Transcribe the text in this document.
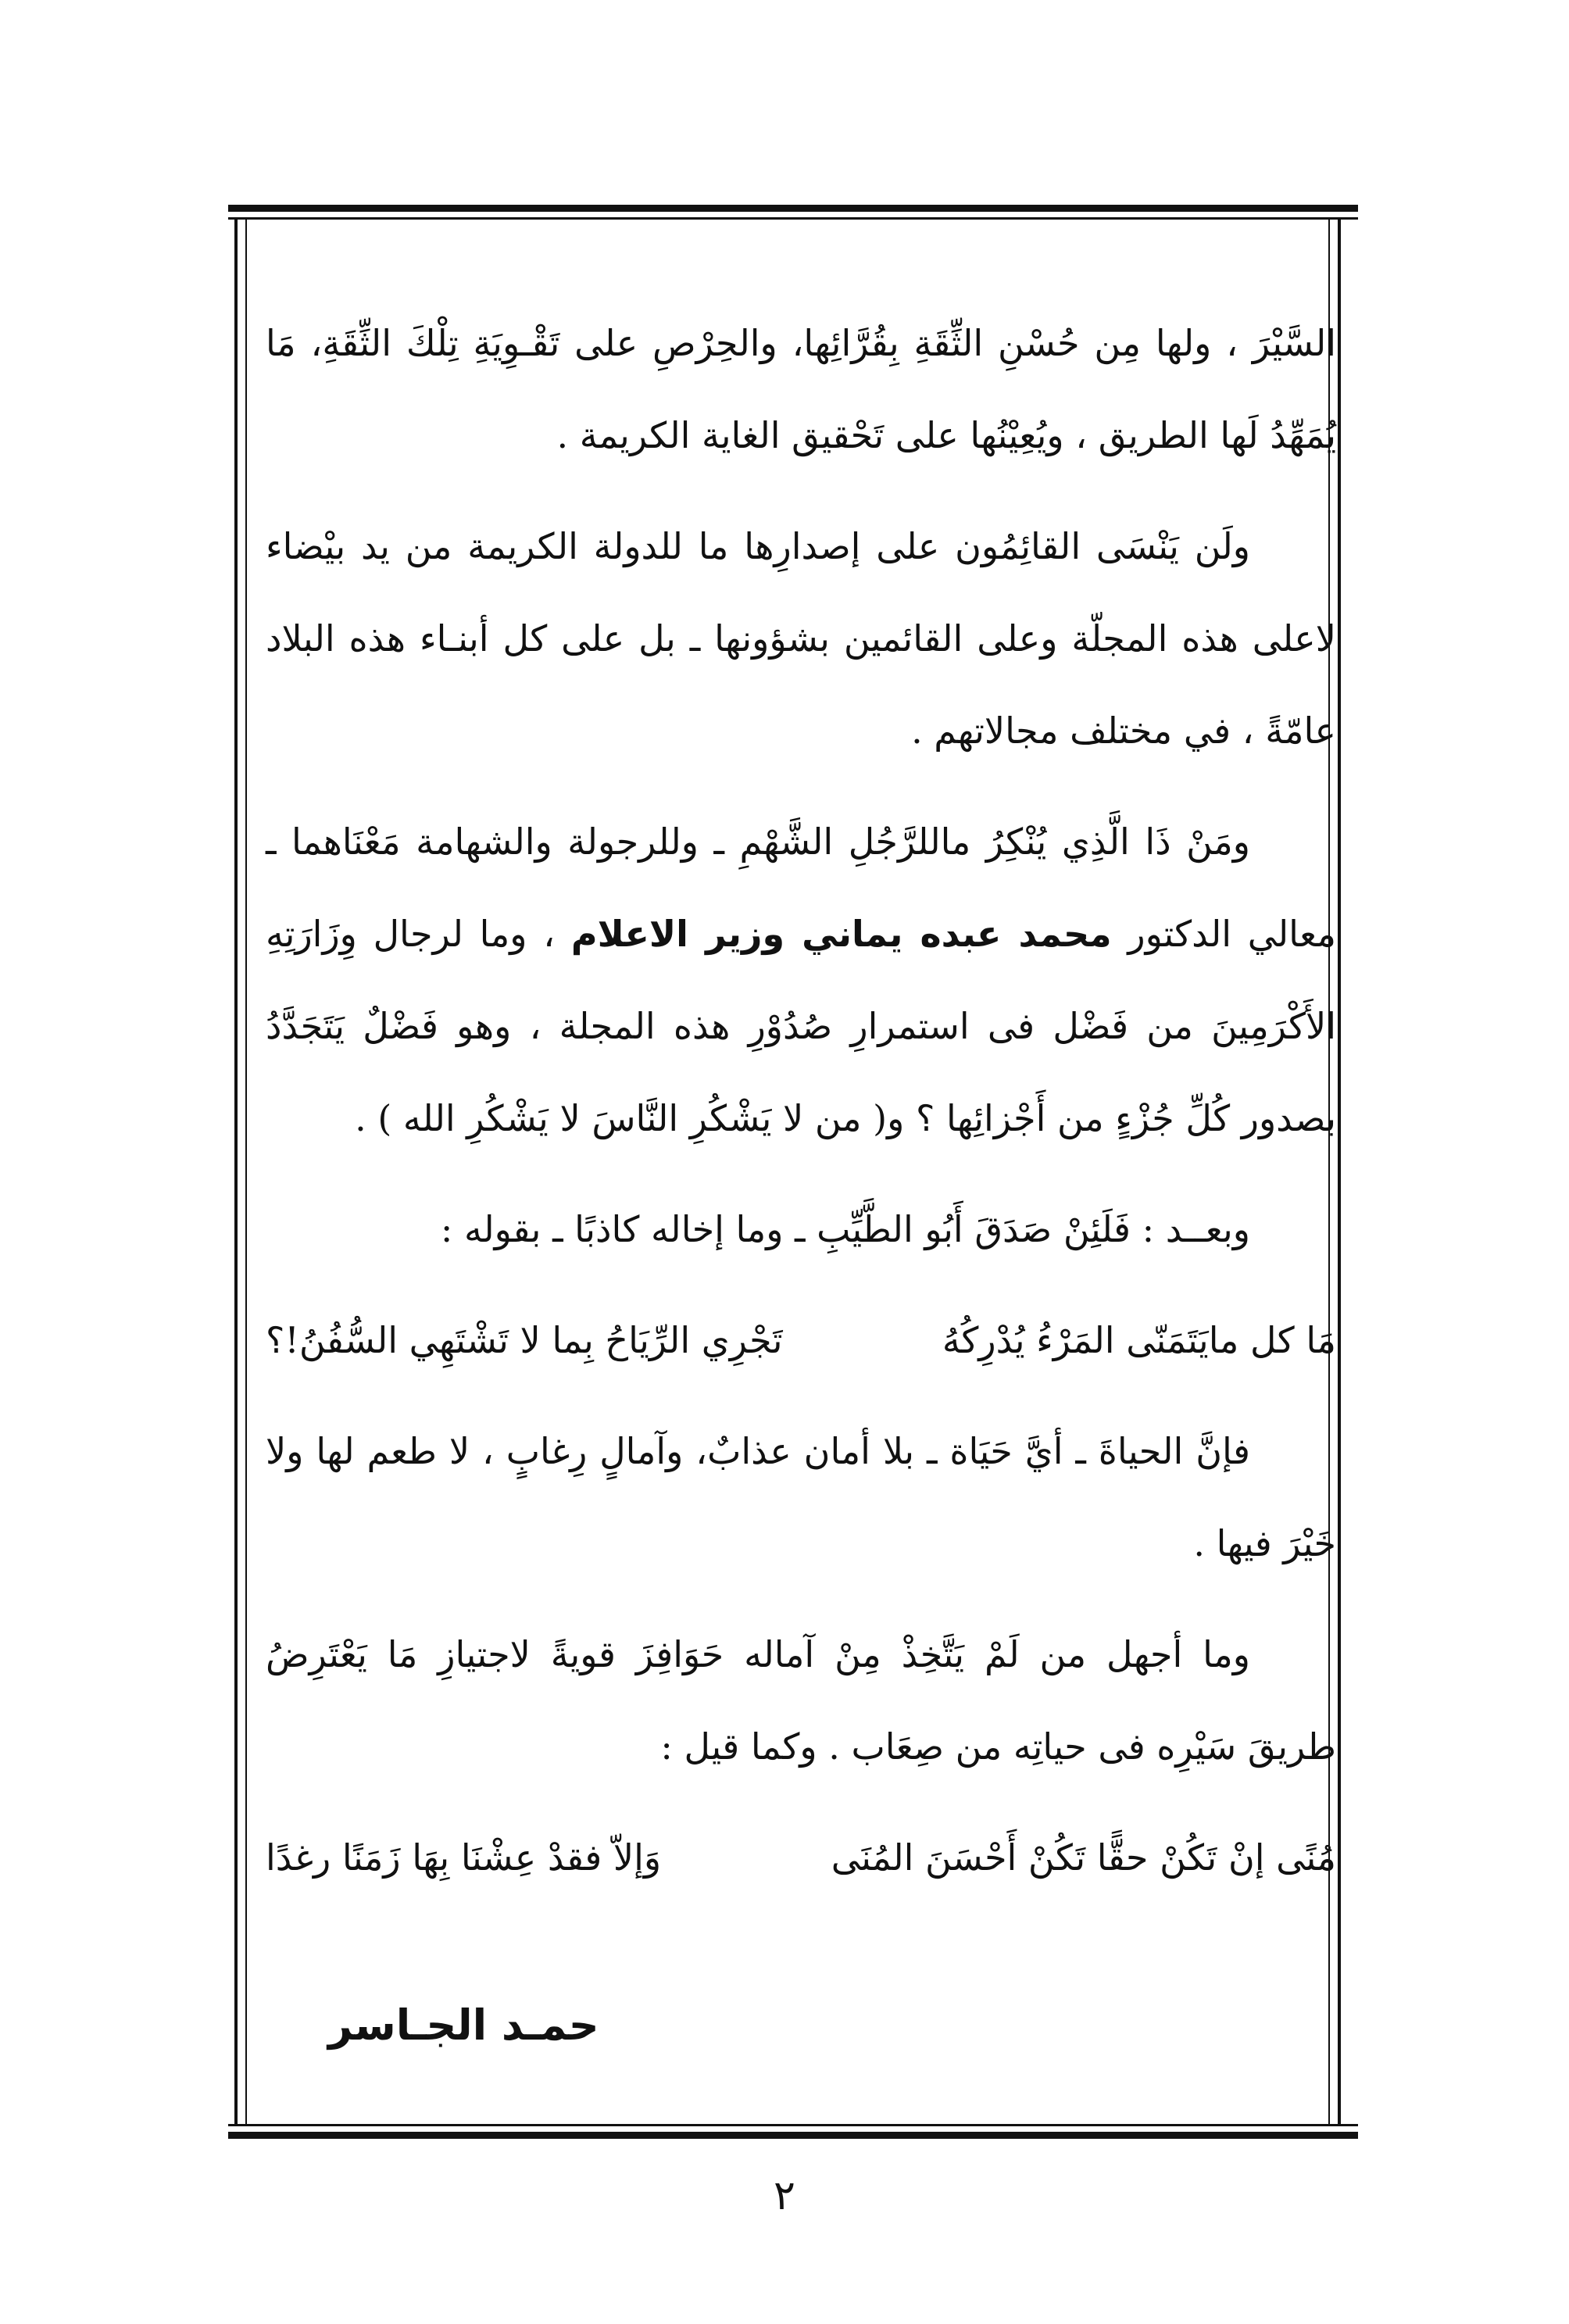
السَّيْرَ ، ولها مِن حُسْنِ الثِّقَةِ بِقُرَّائِها، والحِرْصِ على تَقْـوِيَةِ تِلْكَ الثِّقَةِ، مَا يُمَهِّدُ لَها الطريق ، ويُعِيْنُها على تَحْقيق الغاية الكريمة .

ولَن يَنْسَى القائِمُون على إصدارِها ما للدولة الكريمة من يد بيْضاء لاعلى هذه المجلّة وعلى القائمين بشؤونها ـ بل على كل أبنـاء هذه البلاد عامّةً ، في مختلف مجالاتهم .

ومَنْ ذَا الَّذِي يُنْكِرُ ماللرَّجُلِ الشَّهْمِ ـ وللرجولة والشهامة مَعْنَاهما ـ معالي الدكتور محمد عبده يماني وزير الاعلام ، وما لرجال وِزَارَتِهِ الأَكْرَمِينَ من فَضْل فى استمرارِ صُدُوْرِ هذه المجلة ، وهو فَضْلٌ يَتَجَدَّدُ بصدور كُلِّ جُزْءٍ من أَجْزائِها ؟ و( من لا يَشْكُرِ النَّاسَ لا يَشْكُرِ الله ) .

وبعــد : فَلَئِنْ صَدَقَ أَبُو الطَّيِّبِ ـ وما إخاله كاذبًا ـ بقوله :

مَا كل مايَتَمَنّى المَرْءُ يُدْرِكُهُ
تَجْرِي الرِّيَاحُ بِما لا تَشْتَهِي السُّفُنُ!؟

فإنَّ الحياةَ ـ أيَّ حَيَاة ـ بلا أمان عذابٌ، وآمالٍ رِغابٍ ، لا طعم لها ولا خَيْرَ فيها .

وما أجهل من لَمْ يَتَّخِذْ مِنْ آماله حَوَافِزَ قويةً لاجتيازِ مَا يَعْتَرِضُ طريقَ سَيْرِه فى حياتِه من صِعَاب . وكما قيل :

مُنًى إنْ تَكُنْ حقًّا تَكُنْ أَحْسَنَ المُنَى
وَإلاّ فقدْ عِشْنَا بِهَا زَمَنًا رغدًا
حمـد الجـاسر
٢
